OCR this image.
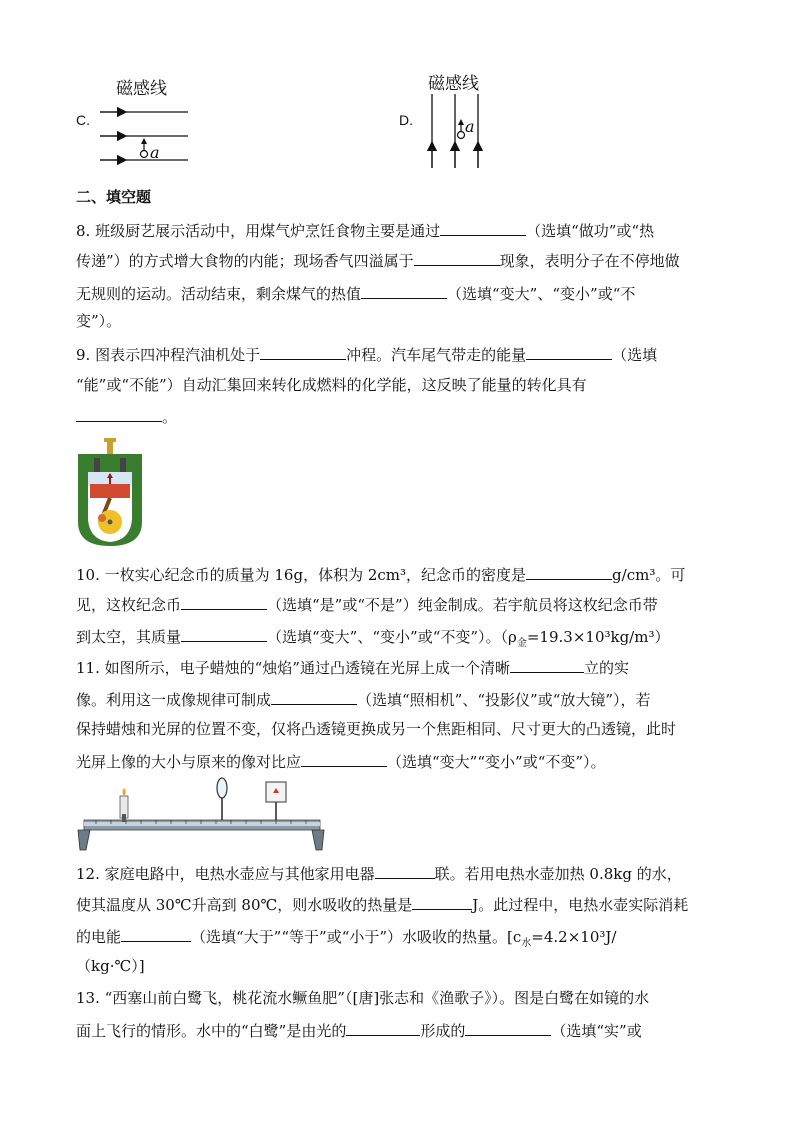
C.
磁感线
a
D.
磁感线
a
二、填空题
8. 班级厨艺展示活动中，用煤气炉烹饪食物主要是通过	（选填“做功”或“热
传递”）的方式增大食物的内能；现场香气四溢属于	现象，表明分子在不停地做
无规则的运动。活动结束，剩余煤气的热值	（选填“变大”、“变小”或“不
变”）。
9. 图表示四冲程汽油机处于	冲程。汽车尾气带走的能量	（选填
“能”或“不能”）自动汇集回来转化成燃料的化学能，这反映了能量的转化具有
。
10. 一枚实心纪念币的质量为 16g，体积为 2cm³，纪念币的密度是	g/cm³。可
见，这枚纪念币	（选填“是”或“不是”）纯金制成。若宇航员将这枚纪念币带
到太空，其质量	（选填“变大”、“变小”或“不变”）。$(\rho_金=19.3\times 10^3kg/m^3)$
11. 如图所示，电子蜡烛的“烛焰”通过凸透镜在光屏上成一个清晰	立的实
像。利用这一成像规律可制成	（选填“照相机”、“投影仪”或“放大镜”），若
保持蜡烛和光屏的位置不变，仅将凸透镜更换成另一个焦距相同、尺寸更大的凸透镜，此时
光屏上像的大小与原来的像对比应	（选填“变大”“变小”或“不变”）。
12. 家庭电路中，电热水壶应与其他家用电器	联。若用电热水壶加热 0.8kg 的水，
使其温度从 30℃升高到 80℃，则水吸收的热量是	J。此过程中，电热水壶实际消耗
的电能	（选填“大于”“等于”或“小于”）水吸收的热量。[$c_水=4.2\times 10^3J/$
（kg·℃）]
13. “西塞山前白鹭飞，桃花流水鳜鱼肥”（[唐]张志和《渔歌子》）。图是白鹭在如镜的水
面上飞行的情形。水中的“白鹭”是由光的	形成的	（选填“实”或
